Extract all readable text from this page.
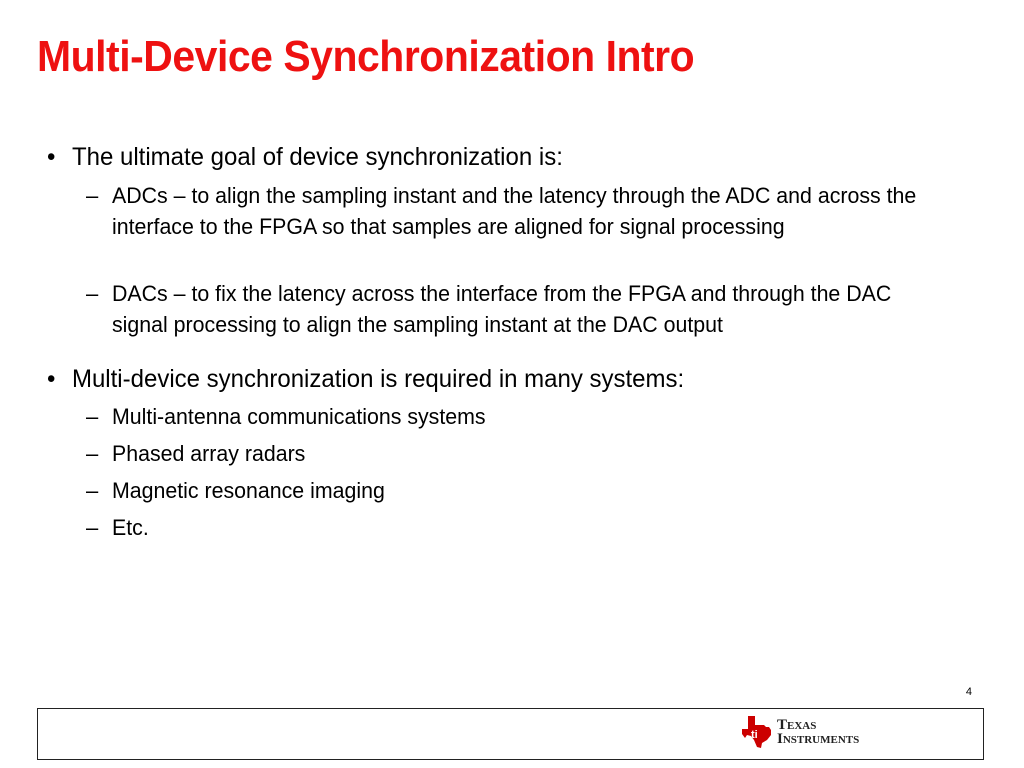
Multi-Device Synchronization Intro
• The ultimate goal of device synchronization is:
– ADCs – to align the sampling instant and the latency through the ADC and across the interface to the FPGA so that samples are aligned for signal processing
– DACs – to fix the latency across the interface from the FPGA and through the DAC signal processing to align the sampling instant at the DAC output
• Multi-device synchronization is required in many systems:
– Multi-antenna communications systems
– Phased array radars
– Magnetic resonance imaging
– Etc.
4
ti
Texas
Instruments
